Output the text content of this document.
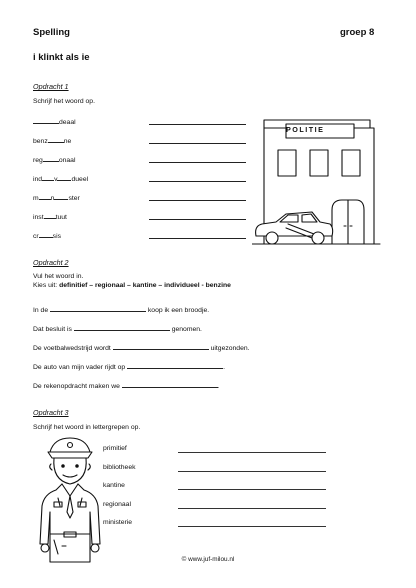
Spelling	groep 8
i klinkt als ie
Opdracht 1
Schrijf het woord op.
deaal
benz ne
reg onaal
ind v dueel
m n ster
inst tuut
cr sis
POLITIE
Opdracht 2
Vul het woord in.
Kies uit: definitief – regionaal – kantine – individueel - benzine
In de	koop ik een broodje.
Dat besluit is	genomen.
De voetbalwedstrijd wordt	uitgezonden.
De auto van mijn vader rijdt op	.
De rekenopdracht maken we	.
Opdracht 3
Schrijf het woord in lettergrepen op.
primitief
bibliotheek
kantine
regionaal
ministerie
© www.juf-milou.nl
